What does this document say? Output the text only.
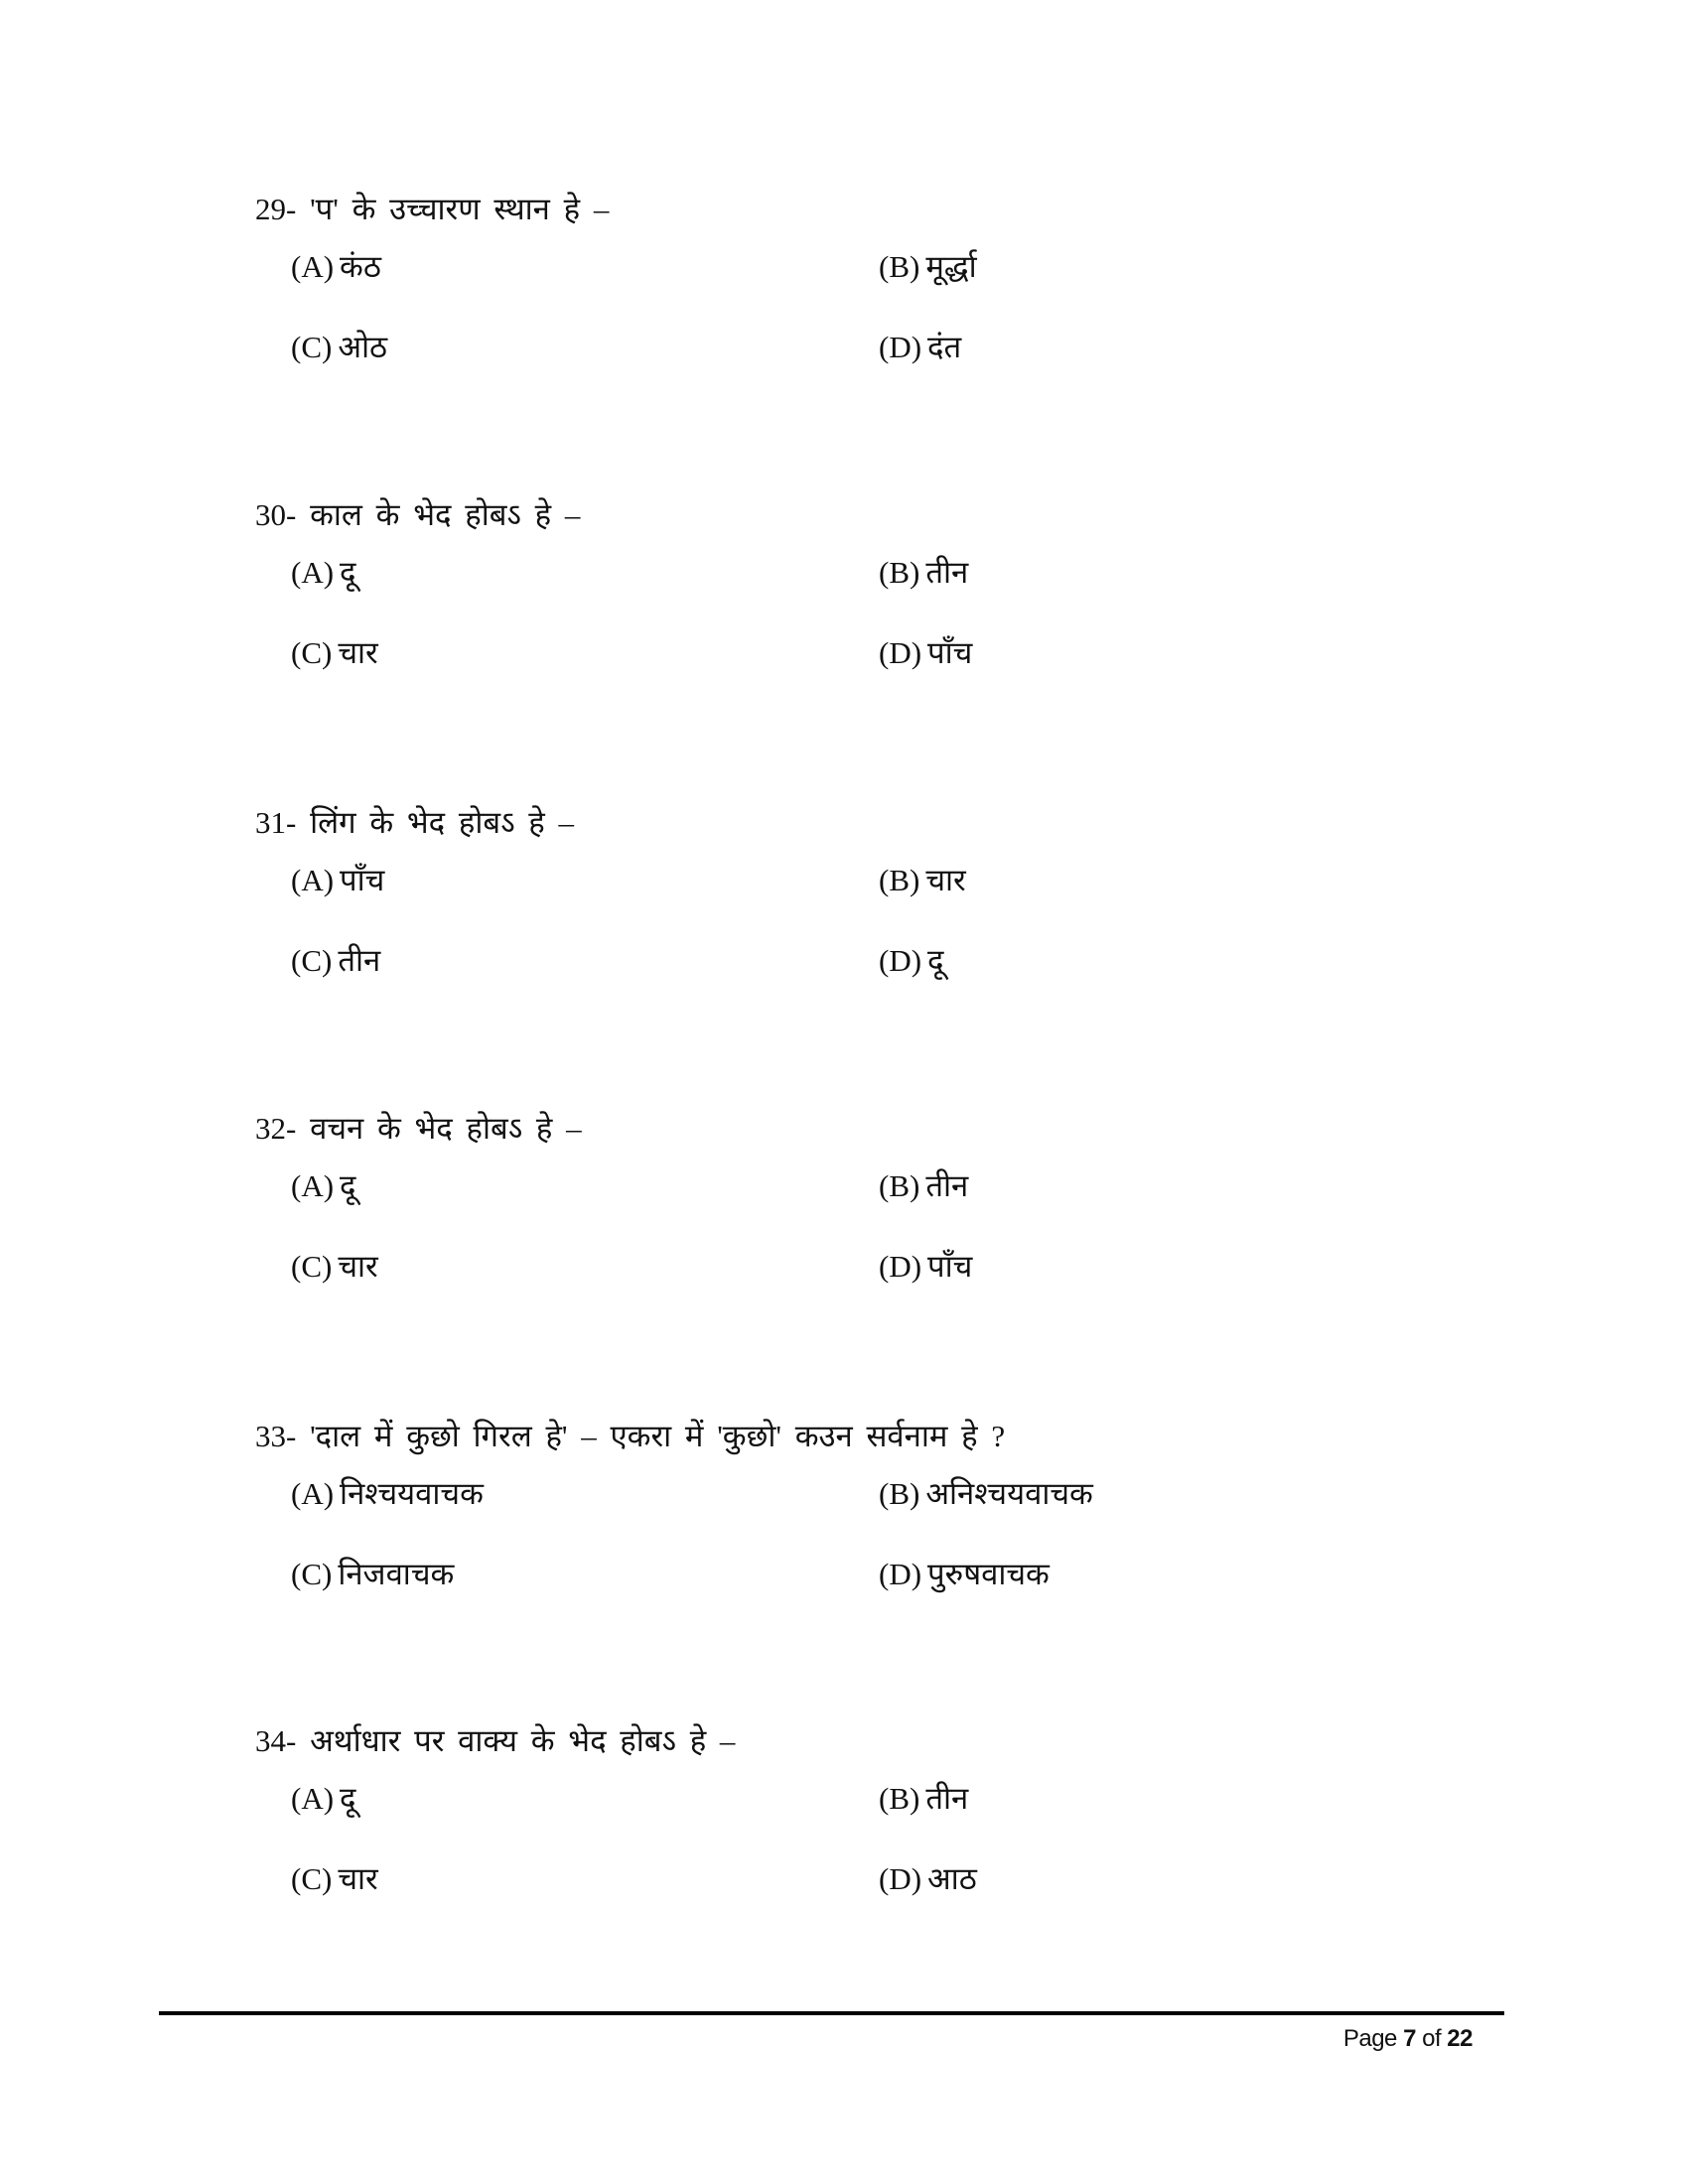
29- 'प' के उच्चारण स्थान हे –
(A) कंठ	(B) मूर्द्धा
(C) ओठ	(D) दंत
30- काल के भेद होबऽ हे –
(A) दू	(B) तीन
(C) चार	(D) पाँच
31- लिंग के भेद होबऽ हे –
(A) पाँच	(B) चार
(C) तीन	(D) दू
32- वचन के भेद होबऽ हे –
(A) दू	(B) तीन
(C) चार	(D) पाँच
33- 'दाल में कुछो गिरल हे' – एकरा में 'कुछो' कउन सर्वनाम हे ?
(A) निश्चयवाचक	(B) अनिश्चयवाचक
(C) निजवाचक	(D) पुरुषवाचक
34- अर्थाधार पर वाक्य के भेद होबऽ हे –
(A) दू	(B) तीन
(C) चार	(D) आठ
Page 7 of 22
